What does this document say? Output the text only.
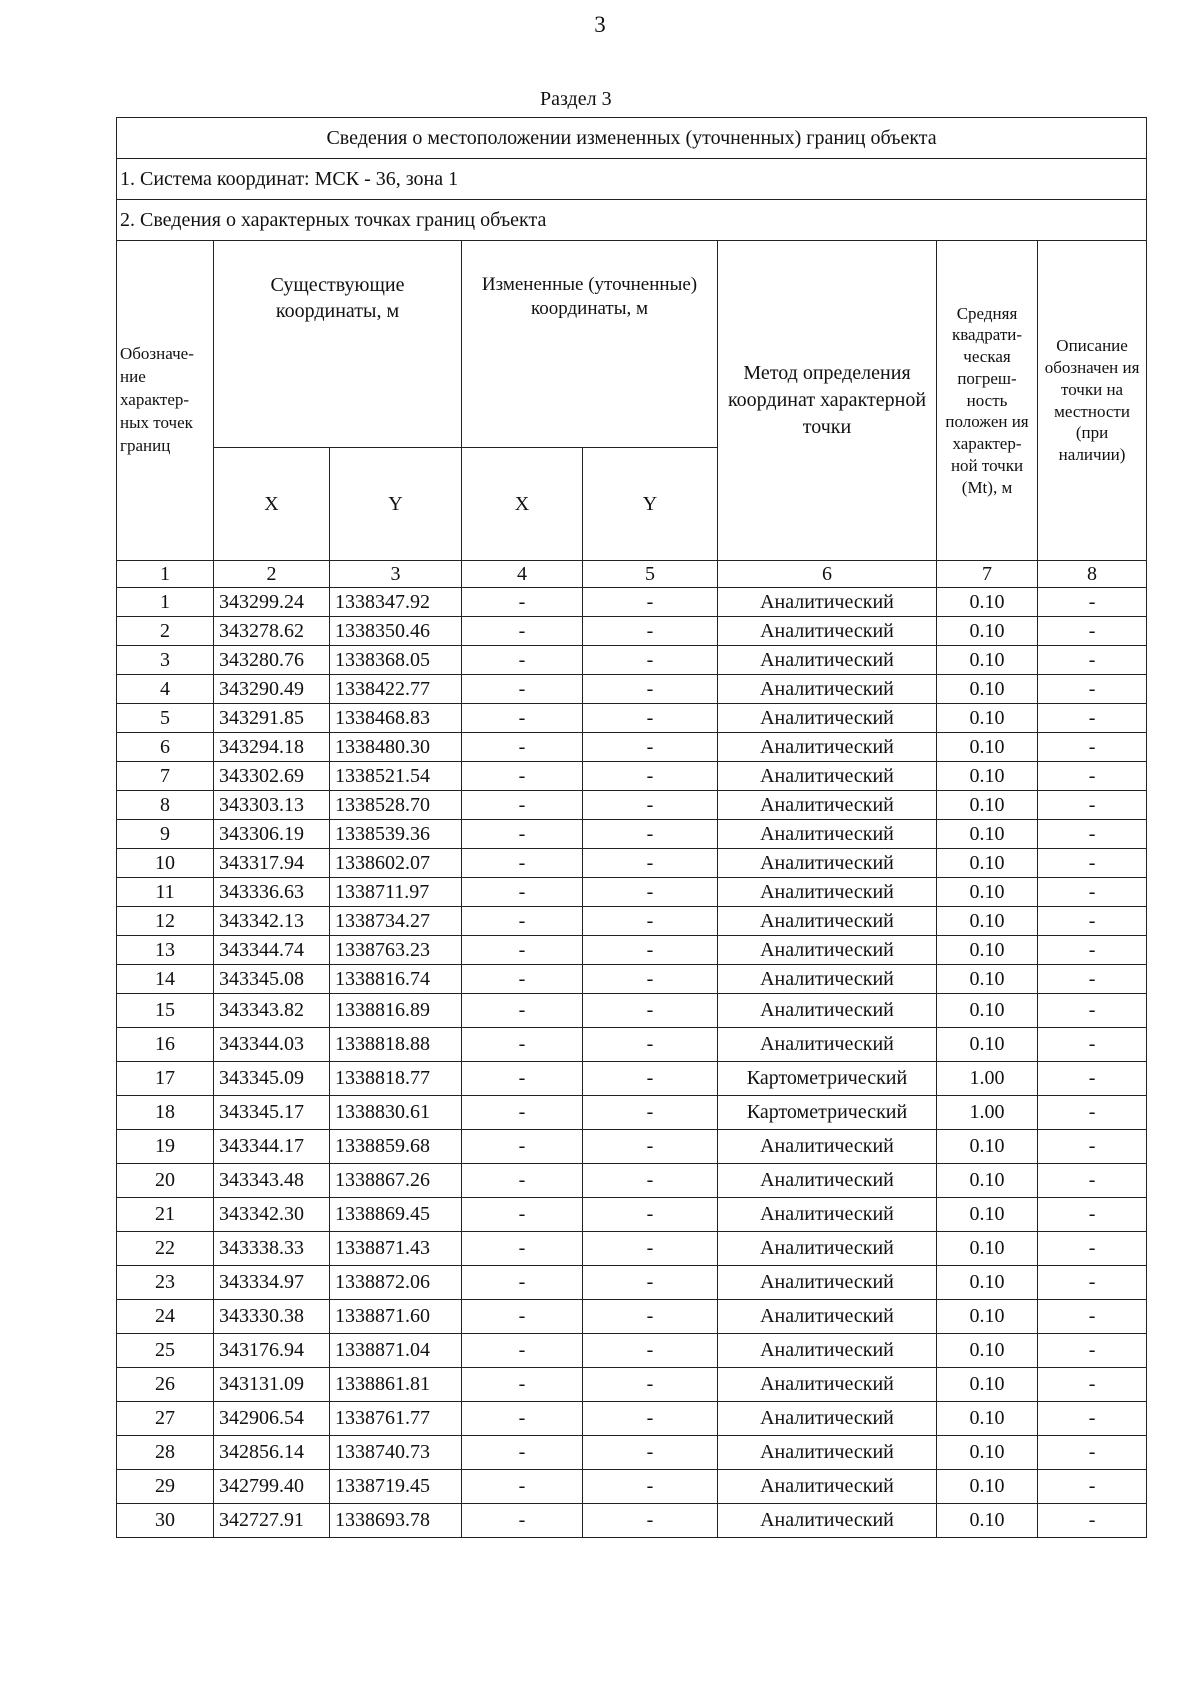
3
Раздел 3
Сведения о местоположении измененных (уточненных) границ объекта							
1. Система координат: МСК - 36, зона 1							
2. Сведения о характерных точках границ объекта							
Обозначе-ние характер-ных точек границ	Существующие координаты, м		Измененные (уточненные) координаты, м		Метод определения координат характерной точки	Средняя квадрати-ческая погреш-ность положен ия характер-ной точки (Mt), м	Описание обозначен ия точки на местности (при наличии)
	X	Y	X	Y			
1	2	3	4	5	6	7	8
1	343299.24	1338347.92	-	-	Аналитический	0.10	-
2	343278.62	1338350.46	-	-	Аналитический	0.10	-
3	343280.76	1338368.05	-	-	Аналитический	0.10	-
4	343290.49	1338422.77	-	-	Аналитический	0.10	-
5	343291.85	1338468.83	-	-	Аналитический	0.10	-
6	343294.18	1338480.30	-	-	Аналитический	0.10	-
7	343302.69	1338521.54	-	-	Аналитический	0.10	-
8	343303.13	1338528.70	-	-	Аналитический	0.10	-
9	343306.19	1338539.36	-	-	Аналитический	0.10	-
10	343317.94	1338602.07	-	-	Аналитический	0.10	-
11	343336.63	1338711.97	-	-	Аналитический	0.10	-
12	343342.13	1338734.27	-	-	Аналитический	0.10	-
13	343344.74	1338763.23	-	-	Аналитический	0.10	-
14	343345.08	1338816.74	-	-	Аналитический	0.10	-
15	343343.82	1338816.89	-	-	Аналитический	0.10	-
16	343344.03	1338818.88	-	-	Аналитический	0.10	-
17	343345.09	1338818.77	-	-	Картометрический	1.00	-
18	343345.17	1338830.61	-	-	Картометрический	1.00	-
19	343344.17	1338859.68	-	-	Аналитический	0.10	-
20	343343.48	1338867.26	-	-	Аналитический	0.10	-
21	343342.30	1338869.45	-	-	Аналитический	0.10	-
22	343338.33	1338871.43	-	-	Аналитический	0.10	-
23	343334.97	1338872.06	-	-	Аналитический	0.10	-
24	343330.38	1338871.60	-	-	Аналитический	0.10	-
25	343176.94	1338871.04	-	-	Аналитический	0.10	-
26	343131.09	1338861.81	-	-	Аналитический	0.10	-
27	342906.54	1338761.77	-	-	Аналитический	0.10	-
28	342856.14	1338740.73	-	-	Аналитический	0.10	-
29	342799.40	1338719.45	-	-	Аналитический	0.10	-
30	342727.91	1338693.78	-	-	Аналитический	0.10	-
